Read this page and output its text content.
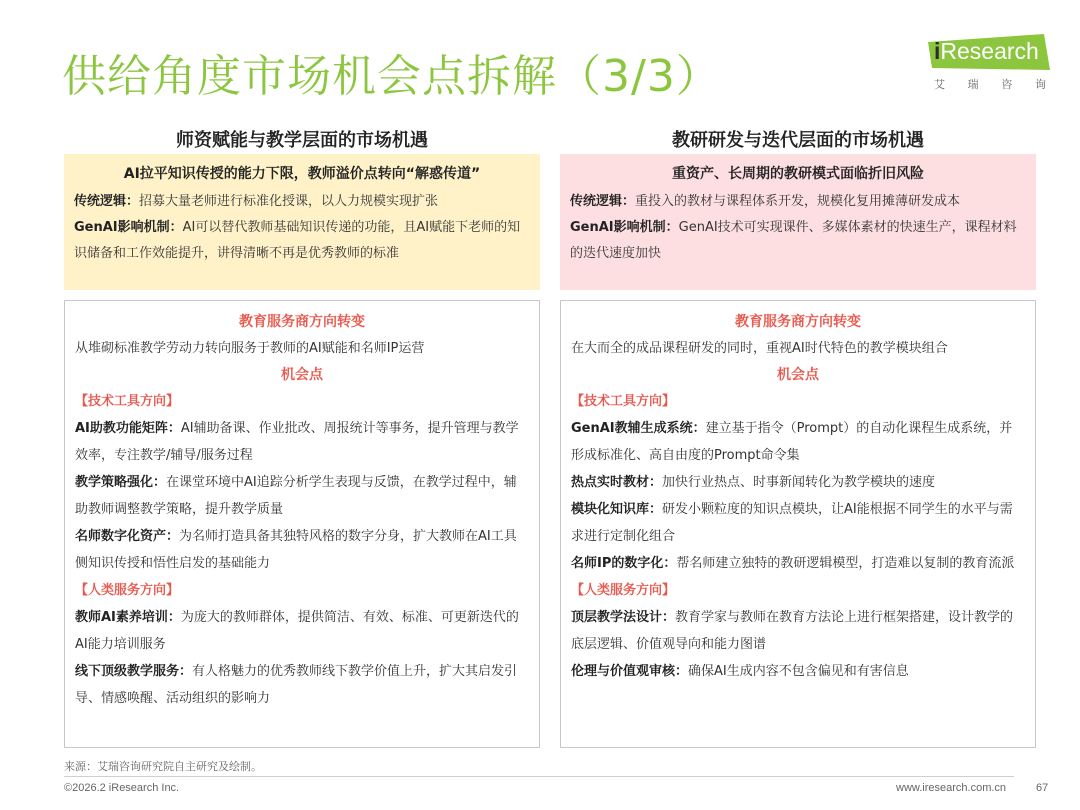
供给角度市场机会点拆解（3/3）	iResearch
艾 瑞 咨 询
师资赋能与教学层面的市场机遇
AI拉平知识传授的能力下限，教师溢价点转向“解惑传道”

传统逻辑：招募大量老师进行标准化授课，以人力规模实现扩张

GenAI影响机制：AI可以替代教师基础知识传递的功能，且AI赋能下老师的知识储备和工作效能提升，讲得清晰不再是优秀教师的标准

教育服务商方向转变
从堆砌标准教学劳动力转向服务于教师的AI赋能和名师IP运营
机会点
【技术工具方向】
AI助教功能矩阵：AI辅助备课、作业批改、周报统计等事务，提升管理与教学效率，专注教学/辅导/服务过程
教学策略强化：在课堂环境中AI追踪分析学生表现与反馈，在教学过程中，辅助教师调整教学策略，提升教学质量
名师数字化资产：为名师打造具备其独特风格的数字分身，扩大教师在AI工具侧知识传授和悟性启发的基础能力
【人类服务方向】
教师AI素养培训：为庞大的教师群体，提供简洁、有效、标准、可更新迭代的AI能力培训服务
线下顶级教学服务：有人格魅力的优秀教师线下教学价值上升，扩大其启发引导、情感唤醒、活动组织的影响力
教研研发与迭代层面的市场机遇
重资产、长周期的教研模式面临折旧风险

传统逻辑：重投入的教材与课程体系开发，规模化复用摊薄研发成本

GenAI影响机制：GenAI技术可实现课件、多媒体素材的快速生产，课程材料的迭代速度加快

教育服务商方向转变
在大而全的成品课程研发的同时，重视AI时代特色的教学模块组合
机会点
【技术工具方向】
GenAI教辅生成系统：建立基于指令（Prompt）的自动化课程生成系统，并形成标准化、高自由度的Prompt命令集
热点实时教材：加快行业热点、时事新闻转化为教学模块的速度
模块化知识库：研发小颗粒度的知识点模块，让AI能根据不同学生的水平与需求进行定制化组合
名师IP的数字化：帮名师建立独特的教研逻辑模型，打造难以复制的教育流派
【人类服务方向】
顶层教学法设计：教育学家与教师在教育方法论上进行框架搭建，设计教学的底层逻辑、价值观导向和能力图谱
伦理与价值观审核：确保AI生成内容不包含偏见和有害信息
来源：艾瑞咨询研究院自主研究及绘制。
©2026.2 iResearch Inc.	www.iresearch.com.cn	67
